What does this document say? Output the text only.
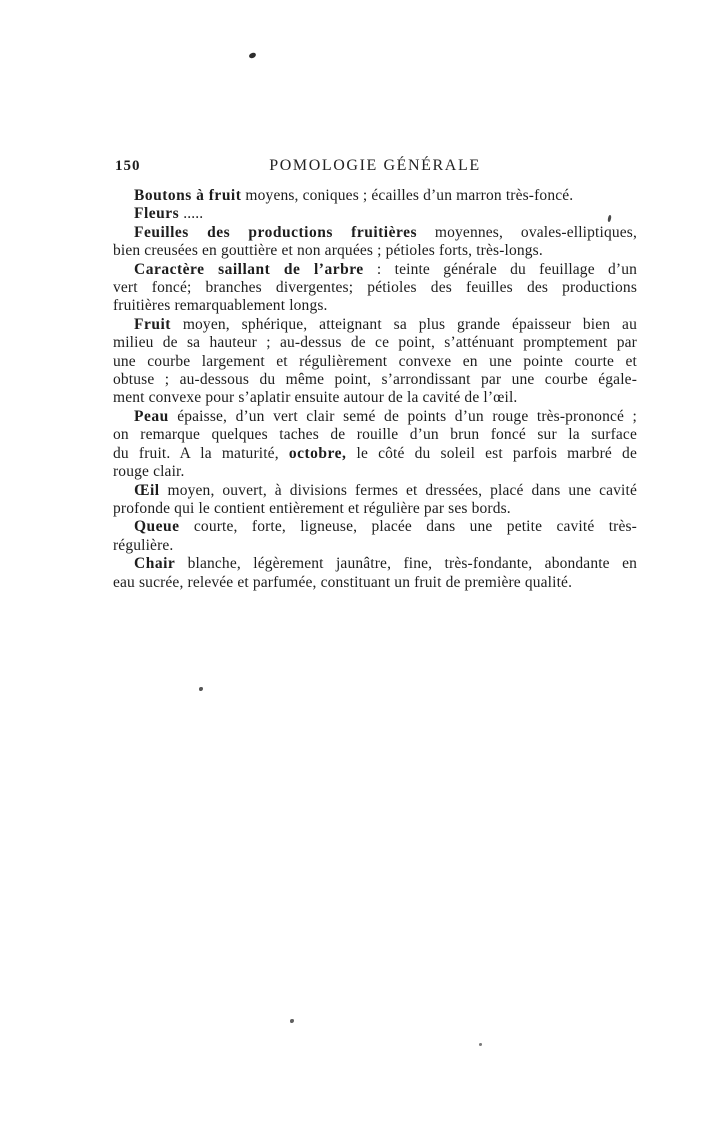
150	POMOLOGIE GÉNÉRALE
Boutons à fruit moyens, coniques ; écailles d’un marron très-foncé.
Fleurs .....
Feuilles des productions fruitières moyennes, ovales-elliptiques,
bien creusées en gouttière et non arquées ; pétioles forts, très-longs.
Caractère saillant de l’arbre : teinte générale du feuillage d’un
vert foncé; branches divergentes; pétioles des feuilles des productions
fruitières remarquablement longs.
Fruit moyen, sphérique, atteignant sa plus grande épaisseur bien au
milieu de sa hauteur ; au-dessus de ce point, s’atténuant promptement par
une courbe largement et régulièrement convexe en une pointe courte et
obtuse ; au-dessous du même point, s’arrondissant par une courbe égale-
ment convexe pour s’aplatir ensuite autour de la cavité de l’œil.
Peau épaisse, d’un vert clair semé de points d’un rouge très-prononcé ;
on remarque quelques taches de rouille d’un brun foncé sur la surface
du fruit. A la maturité, octobre, le côté du soleil est parfois marbré de
rouge clair.
Œil moyen, ouvert, à divisions fermes et dressées, placé dans une cavité
profonde qui le contient entièrement et régulière par ses bords.
Queue courte, forte, ligneuse, placée dans une petite cavité très-
régulière.
Chair blanche, légèrement jaunâtre, fine, très-fondante, abondante en
eau sucrée, relevée et parfumée, constituant un fruit de première qualité.
